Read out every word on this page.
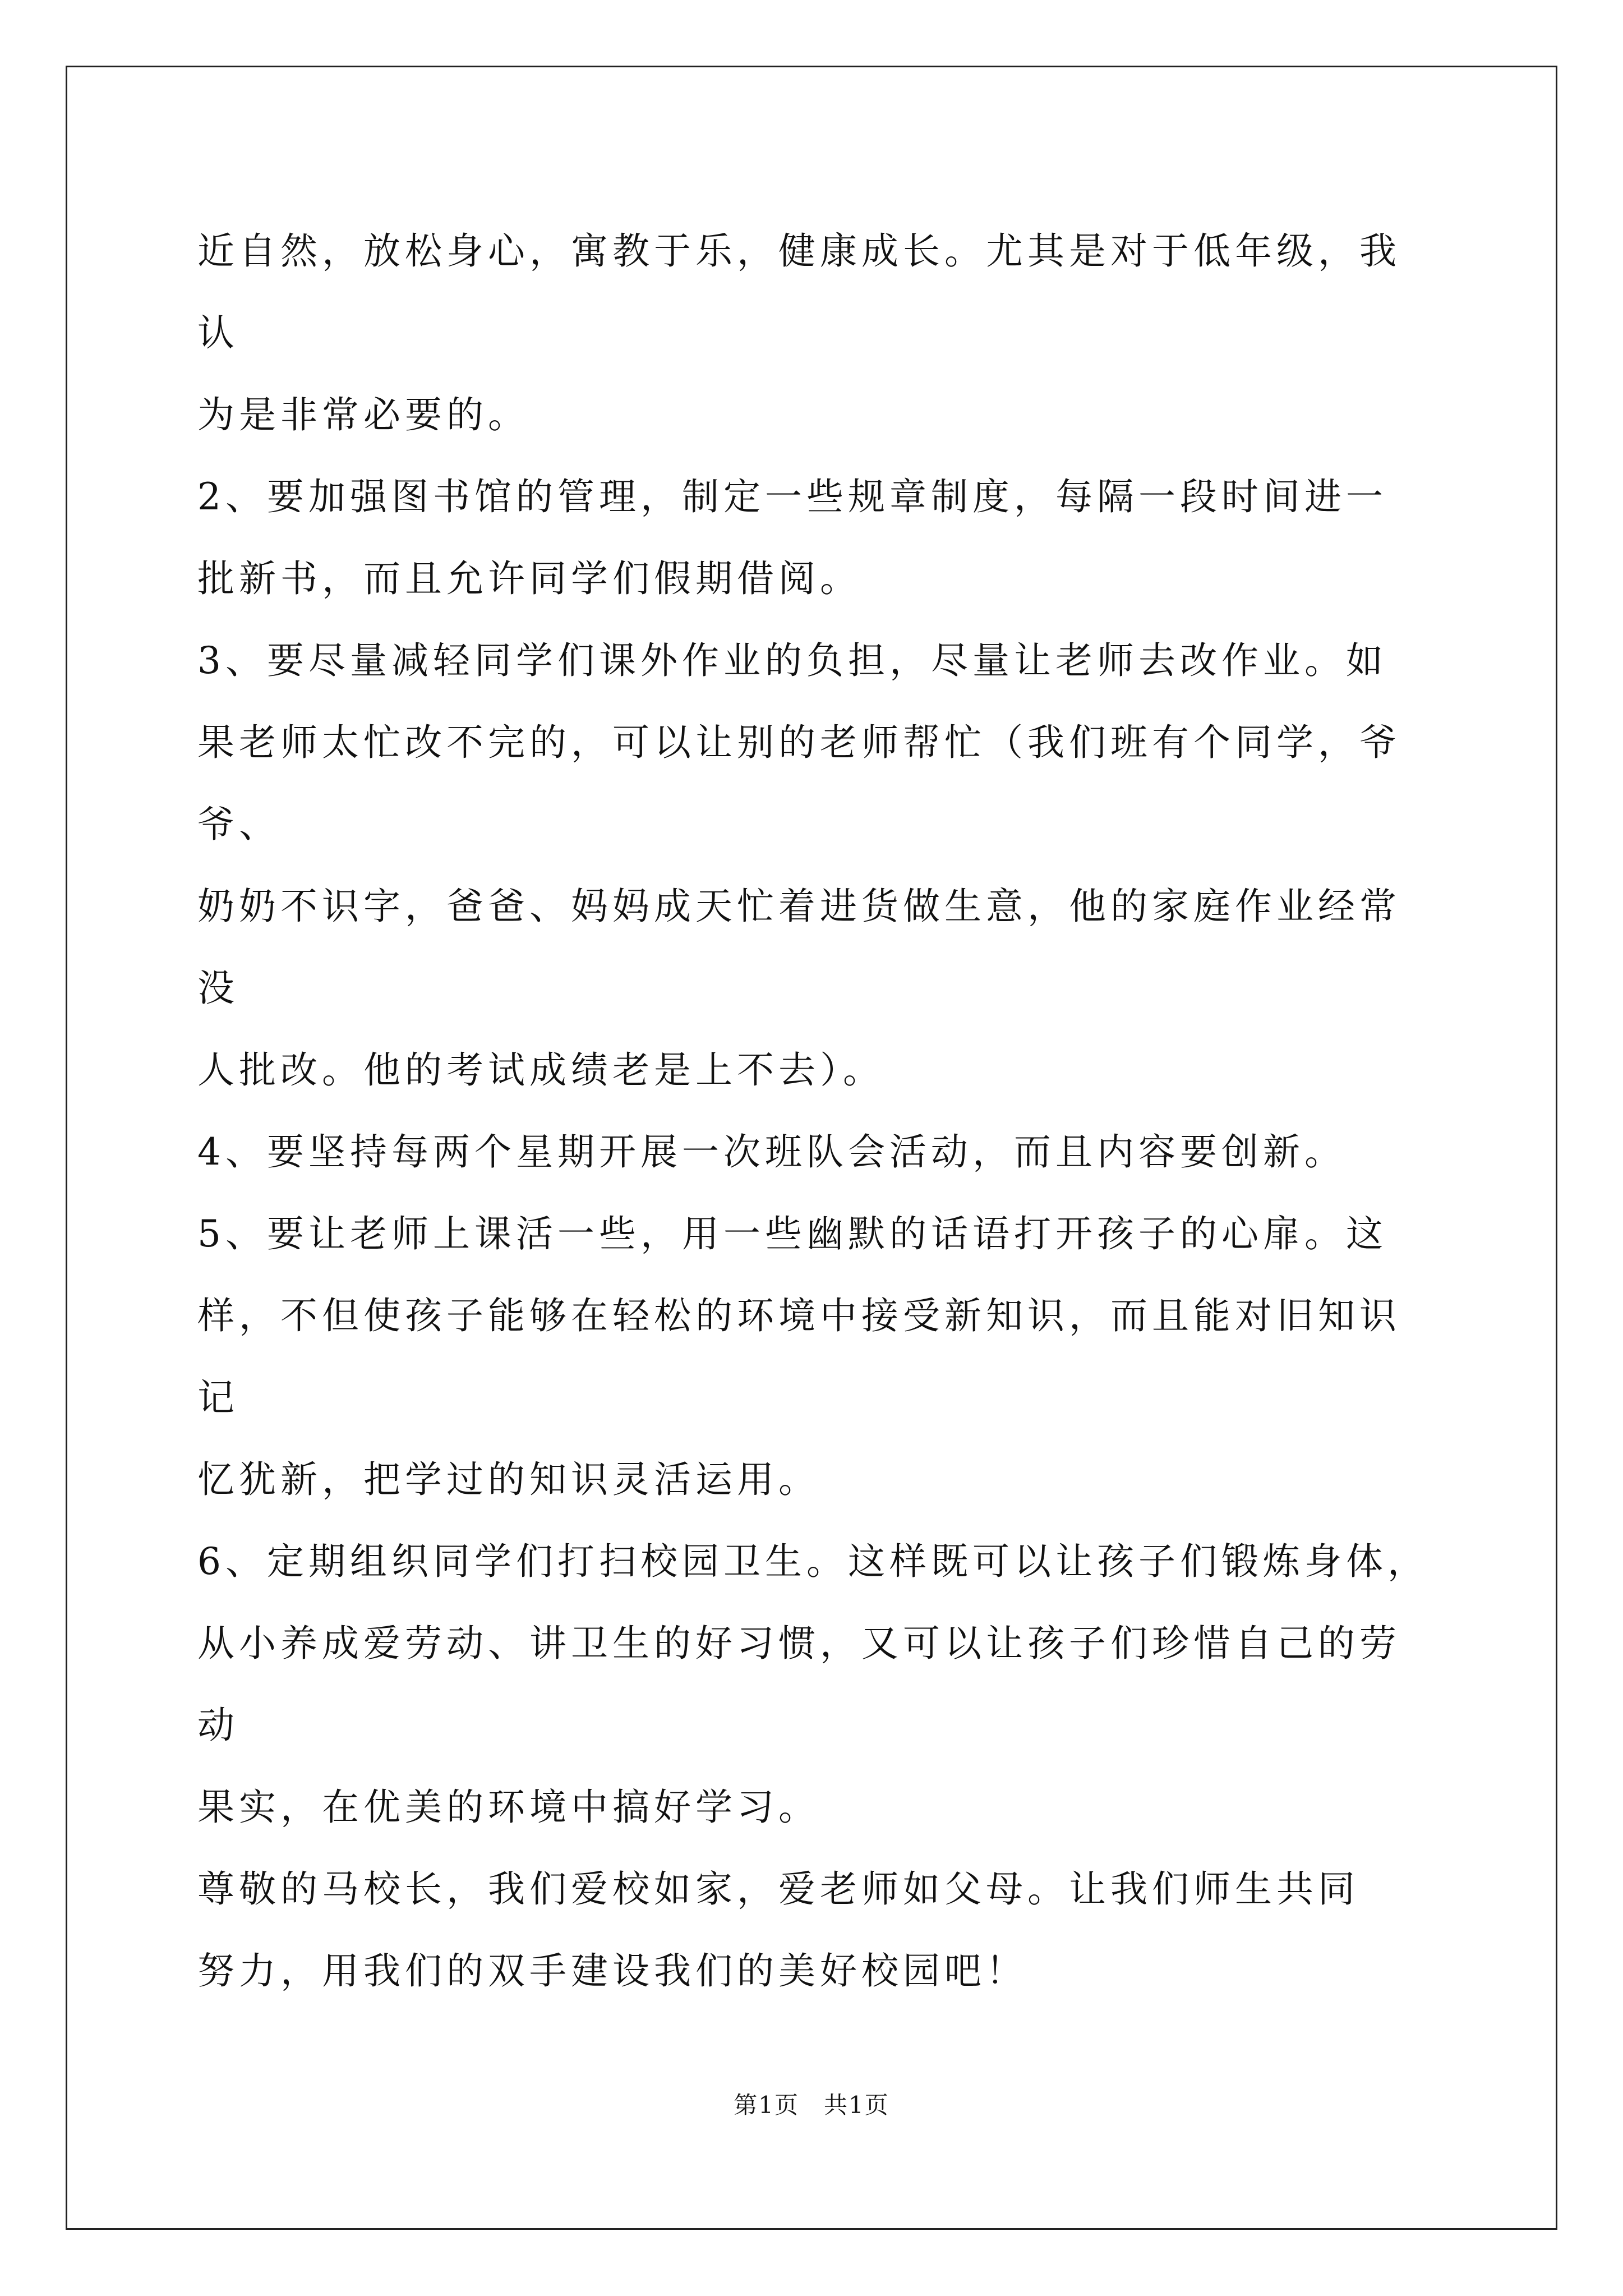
近自然，放松身心，寓教于乐，健康成长。尤其是对于低年级，我认
为是非常必要的。

2、要加强图书馆的管理，制定一些规章制度，每隔一段时间进一
批新书，而且允许同学们假期借阅。

3、要尽量减轻同学们课外作业的负担，尽量让老师去改作业。如
果老师太忙改不完的，可以让别的老师帮忙（我们班有个同学，爷爷、
奶奶不识字，爸爸、妈妈成天忙着进货做生意，他的家庭作业经常没
人批改。他的考试成绩老是上不去）。

4、要坚持每两个星期开展一次班队会活动，而且内容要创新。

5、要让老师上课活一些，用一些幽默的话语打开孩子的心扉。这
样，不但使孩子能够在轻松的环境中接受新知识，而且能对旧知识记
忆犹新，把学过的知识灵活运用。

6、定期组织同学们打扫校园卫生。这样既可以让孩子们锻炼身体，
从小养成爱劳动、讲卫生的好习惯，又可以让孩子们珍惜自己的劳动
果实，在优美的环境中搞好学习。

尊敬的马校长，我们爱校如家，爱老师如父母。让我们师生共同
努力，用我们的双手建设我们的美好校园吧！

第1页　共1页
